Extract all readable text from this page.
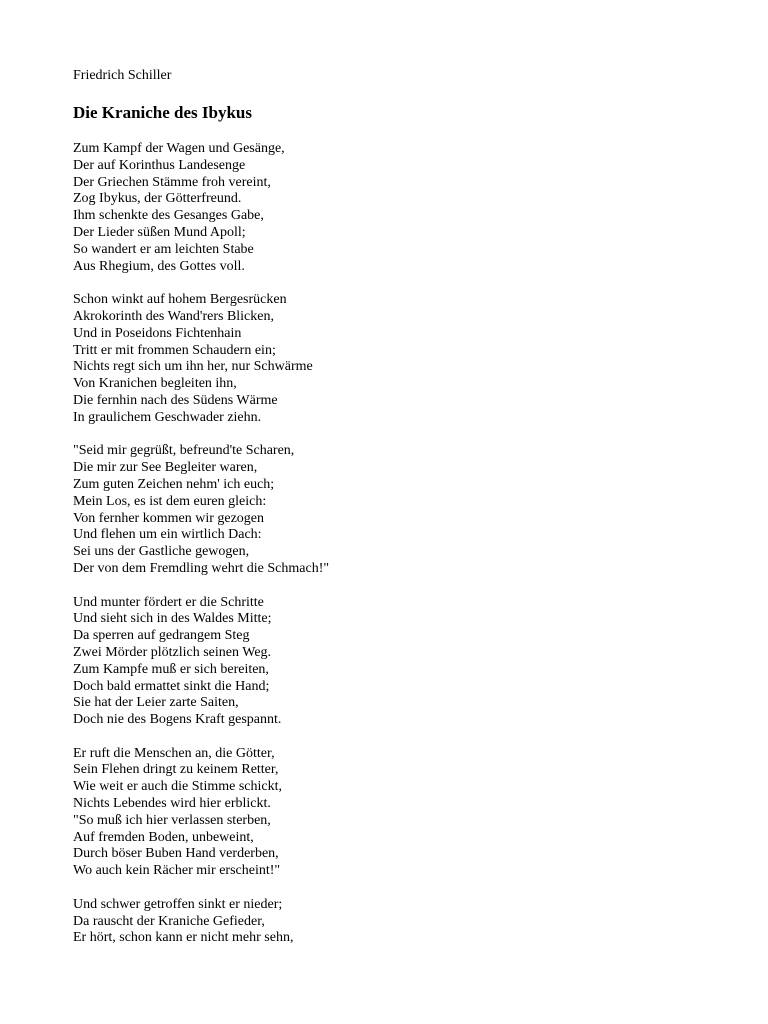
Friedrich Schiller
Die Kraniche des Ibykus
Zum Kampf der Wagen und Gesänge,
Der auf Korinthus Landesenge
Der Griechen Stämme froh vereint,
Zog Ibykus, der Götterfreund.
Ihm schenkte des Gesanges Gabe,
Der Lieder süßen Mund Apoll;
So wandert er am leichten Stabe
Aus Rhegium, des Gottes voll.
Schon winkt auf hohem Bergesrücken
Akrokorinth des Wand'rers Blicken,
Und in Poseidons Fichtenhain
Tritt er mit frommen Schaudern ein;
Nichts regt sich um ihn her, nur Schwärme
Von Kranichen begleiten ihn,
Die fernhin nach des Südens Wärme
In graulichem Geschwader ziehn.
"Seid mir gegrüßt, befreund'te Scharen,
Die mir zur See Begleiter waren,
Zum guten Zeichen nehm' ich euch;
Mein Los, es ist dem euren gleich:
Von fernher kommen wir gezogen
Und flehen um ein wirtlich Dach:
Sei uns der Gastliche gewogen,
Der von dem Fremdling wehrt die Schmach!"
Und munter fördert er die Schritte
Und sieht sich in des Waldes Mitte;
Da sperren auf gedrangem Steg
Zwei Mörder plötzlich seinen Weg.
Zum Kampfe muß er sich bereiten,
Doch bald ermattet sinkt die Hand;
Sie hat der Leier zarte Saiten,
Doch nie des Bogens Kraft gespannt.
Er ruft die Menschen an, die Götter,
Sein Flehen dringt zu keinem Retter,
Wie weit er auch die Stimme schickt,
Nichts Lebendes wird hier erblickt.
"So muß ich hier verlassen sterben,
Auf fremden Boden, unbeweint,
Durch böser Buben Hand verderben,
Wo auch kein Rächer mir erscheint!"
Und schwer getroffen sinkt er nieder;
Da rauscht der Kraniche Gefieder,
Er hört, schon kann er nicht mehr sehn,
